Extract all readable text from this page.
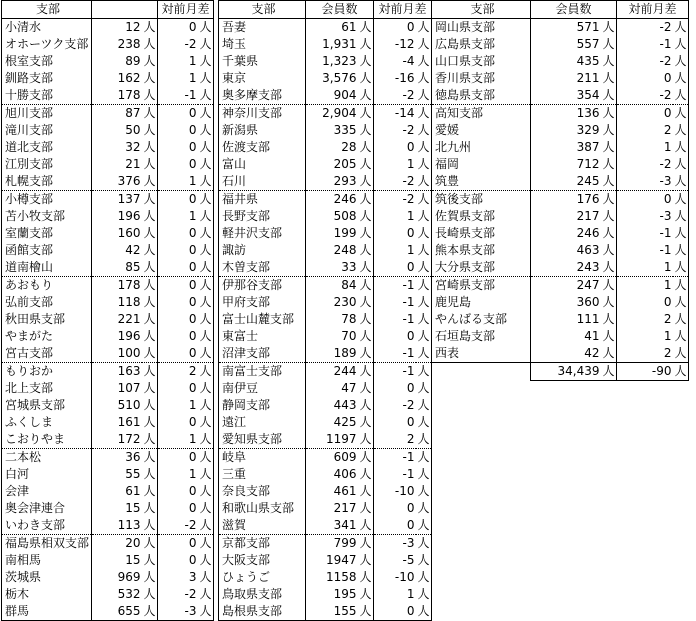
支部			対前月差	
小清水	12	人	0	人
オホーツク支部	238	人	-2	人
根室支部	89	人	1	人
釧路支部	162	人	1	人
十勝支部	178	人	-1	人
旭川支部	87	人	0	人
滝川支部	50	人	0	人
道北支部	32	人	0	人
江別支部	21	人	0	人
札幌支部	376	人	1	人
小樽支部	137	人	0	人
苫小牧支部	196	人	1	人
室蘭支部	160	人	0	人
函館支部	42	人	0	人
道南檜山	85	人	0	人
あおもり	178	人	0	人
弘前支部	118	人	0	人
秋田県支部	221	人	0	人
やまがた	196	人	0	人
宮古支部	100	人	0	人
もりおか	163	人	2	人
北上支部	107	人	0	人
宮城県支部	510	人	1	人
ふくしま	161	人	0	人
こおりやま	172	人	1	人
二本松	36	人	0	人
白河	55	人	1	人
会津	61	人	0	人
奥会津連合	15	人	0	人
いわき支部	113	人	-2	人
福島県相双支部	20	人	0	人
南相馬	15	人	0	人
茨城県	969	人	3	人
栃木	532	人	-2	人
群馬	655	人	-3	人
支部	会員数		対前月差	
吾妻	61	人	0	人
埼玉	1,931	人	-12	人
千葉県	1,323	人	-4	人
東京	3,576	人	-16	人
奥多摩支部	904	人	-2	人
神奈川支部	2,904	人	-14	人
新潟県	335	人	-2	人
佐渡支部	28	人	0	人
富山	205	人	1	人
石川	293	人	-2	人
福井県	246	人	-2	人
長野支部	508	人	1	人
軽井沢支部	199	人	0	人
諏訪	248	人	1	人
木曽支部	33	人	0	人
伊那谷支部	84	人	-1	人
甲府支部	230	人	-1	人
富士山麓支部	78	人	-1	人
東富士	70	人	0	人
沼津支部	189	人	-1	人
南富士支部	244	人	-1	人
南伊豆	47	人	0	人
静岡支部	443	人	-2	人
遠江	425	人	0	人
愛知県支部	1197	人	2	人
岐阜	609	人	-1	人
三重	406	人	-1	人
奈良支部	461	人	-10	人
和歌山県支部	217	人	0	人
滋賀	341	人	0	人
京都支部	799	人	-3	人
大阪支部	1947	人	-5	人
ひょうご	1158	人	-10	人
鳥取県支部	195	人	1	人
島根県支部	155	人	0	人
支部	会員数		対前月差	
岡山県支部	571	人	-2	人
広島県支部	557	人	-1	人
山口県支部	435	人	-2	人
香川県支部	211	人	0	人
徳島県支部	354	人	-2	人
高知支部	136	人	0	人
愛媛	329	人	2	人
北九州	387	人	1	人
福岡	712	人	-2	人
筑豊	245	人	-3	人
筑後支部	176	人	0	人
佐賀県支部	217	人	-3	人
長崎県支部	246	人	-1	人
熊本県支部	463	人	-1	人
大分県支部	243	人	1	人
宮崎県支部	247	人	1	人
鹿児島	360	人	0	人
やんばる支部	111	人	2	人
石垣島支部	41	人	1	人
西表	42	人	2	人
	34,439	人	-90	人
